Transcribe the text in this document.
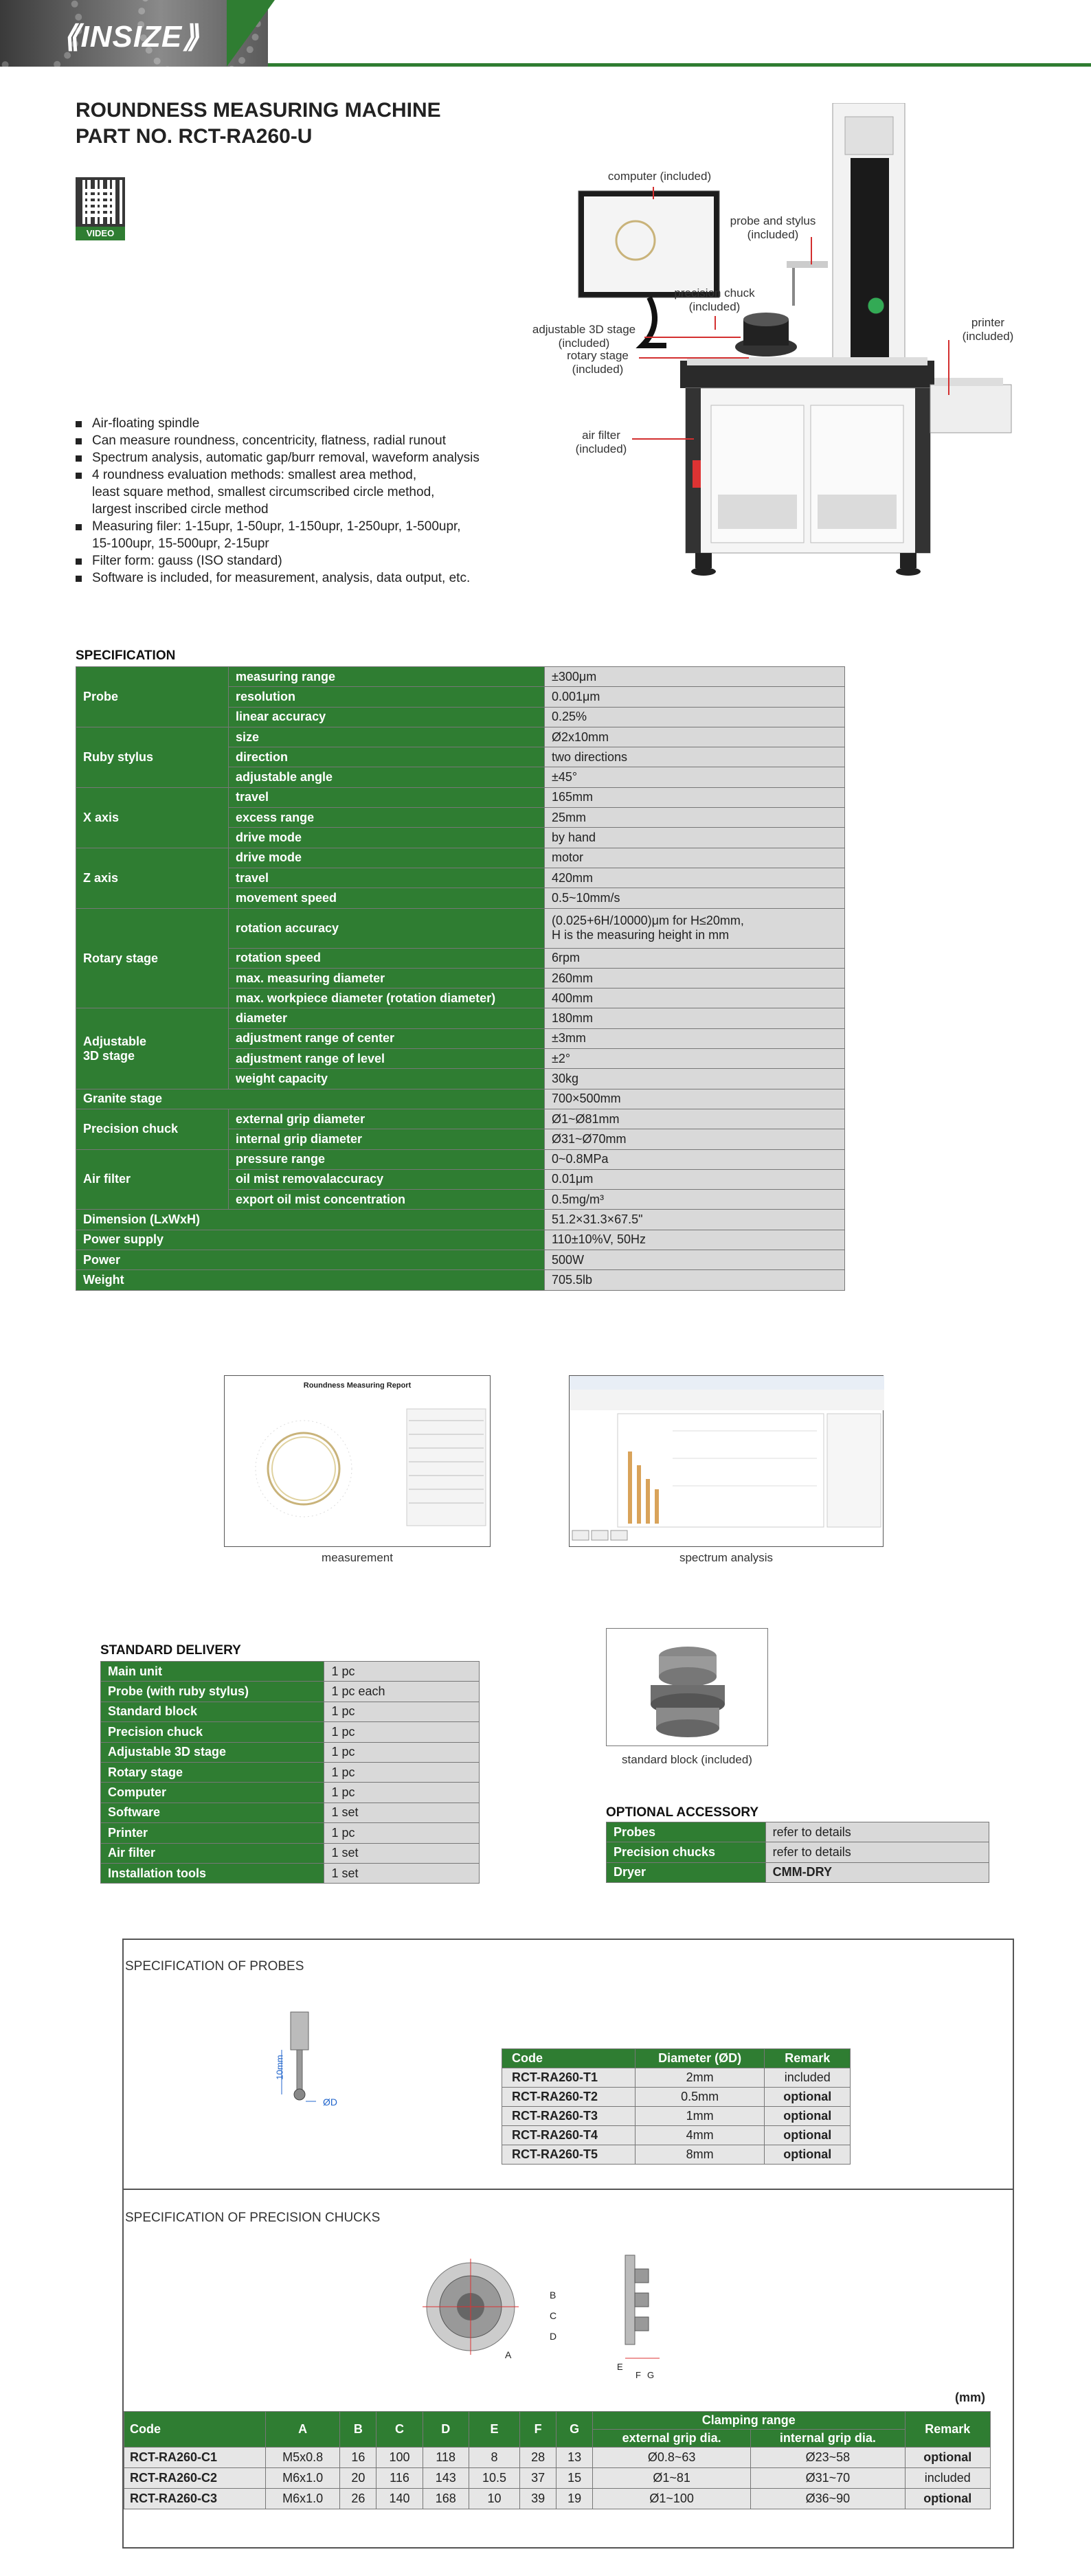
⟪INSIZE⟫
ROUNDNESS MEASURING MACHINE
PART NO. RCT-RA260-U
VIDEO
Air-floating spindle
Can measure roundness, concentricity, flatness, radial runout
Spectrum analysis, automatic gap/burr removal, waveform analysis
4 roundness evaluation methods: smallest area method,
least square method, smallest circumscribed circle method,
largest inscribed circle method
Measuring filer: 1-15upr, 1-50upr, 1-150upr, 1-250upr, 1-500upr,
15-100upr, 15-500upr, 2-15upr
Filter form: gauss (ISO standard)
Software is included, for measurement, analysis, data output, etc.
computer (included)
probe and stylus
(included)
precision chuck
(included)
adjustable 3D stage
(included)
rotary stage
(included)
printer
(included)
air filter
(included)
SPECIFICATION
Probe	measuring range	±300μm
	resolution	0.001μm
	linear accuracy	0.25%
Ruby stylus	size	Ø2x10mm
	direction	two directions
	adjustable angle	±45°
X axis	travel	165mm
	excess range	25mm
	drive mode	by hand
Z axis	drive mode	motor
	travel	420mm
	movement speed	0.5~10mm/s
Rotary stage	rotation accuracy	(0.025+6H/10000)μm for H≤20mm,
H is the measuring height in mm
	rotation speed	6rpm
	max. measuring diameter	260mm
	max. workpiece diameter (rotation diameter)	400mm
Adjustable
3D stage	diameter	180mm
	adjustment range of center	±3mm
	adjustment range of level	±2°
	weight capacity	30kg
Granite stage		700×500mm
Precision chuck	external grip diameter	Ø1~Ø81mm
	internal grip diameter	Ø31~Ø70mm
Air filter	pressure range	0~0.8MPa
	oil mist removalaccuracy	0.01μm
	export oil mist concentration	0.5mg/m³
Dimension (LxWxH)		51.2×31.3×67.5"
Power supply		110±10%V, 50Hz
Power		500W
Weight		705.5lb
Roundness Measuring Report
measurement	spectrum analysis
STANDARD DELIVERY
Main unit	1 pc
Probe (with ruby stylus)	1 pc each
Standard block	1 pc
Precision chuck	1 pc
Adjustable 3D stage	1 pc
Rotary stage	1 pc
Computer	1 pc
Software	1 set
Printer	1 pc
Air filter	1 set
Installation tools	1 set
standard block (included)
OPTIONAL ACCESSORY
Probes	refer to details
Precision chucks	refer to details
Dryer	CMM-DRY
SPECIFICATION OF PROBES
10mm
ØD
Code	Diameter (ØD)	Remark
RCT-RA260-T1	2mm	included
RCT-RA260-T2	0.5mm	optional
RCT-RA260-T3	1mm	optional
RCT-RA260-T4	4mm	optional
RCT-RA260-T5	8mm	optional
SPECIFICATION OF PRECISION CHUCKS
B
C
D
A
E
F G
(mm)
Code	A	B	C	D	E	F	G	Clamping range		Remark
								external grip dia.	internal grip dia.	
RCT-RA260-C1	M5x0.8	16	100	118	8	28	13	Ø0.8~63	Ø23~58	optional
RCT-RA260-C2	M6x1.0	20	116	143	10.5	37	15	Ø1~81	Ø31~70	included
RCT-RA260-C3	M6x1.0	26	140	168	10	39	19	Ø1~100	Ø36~90	optional
